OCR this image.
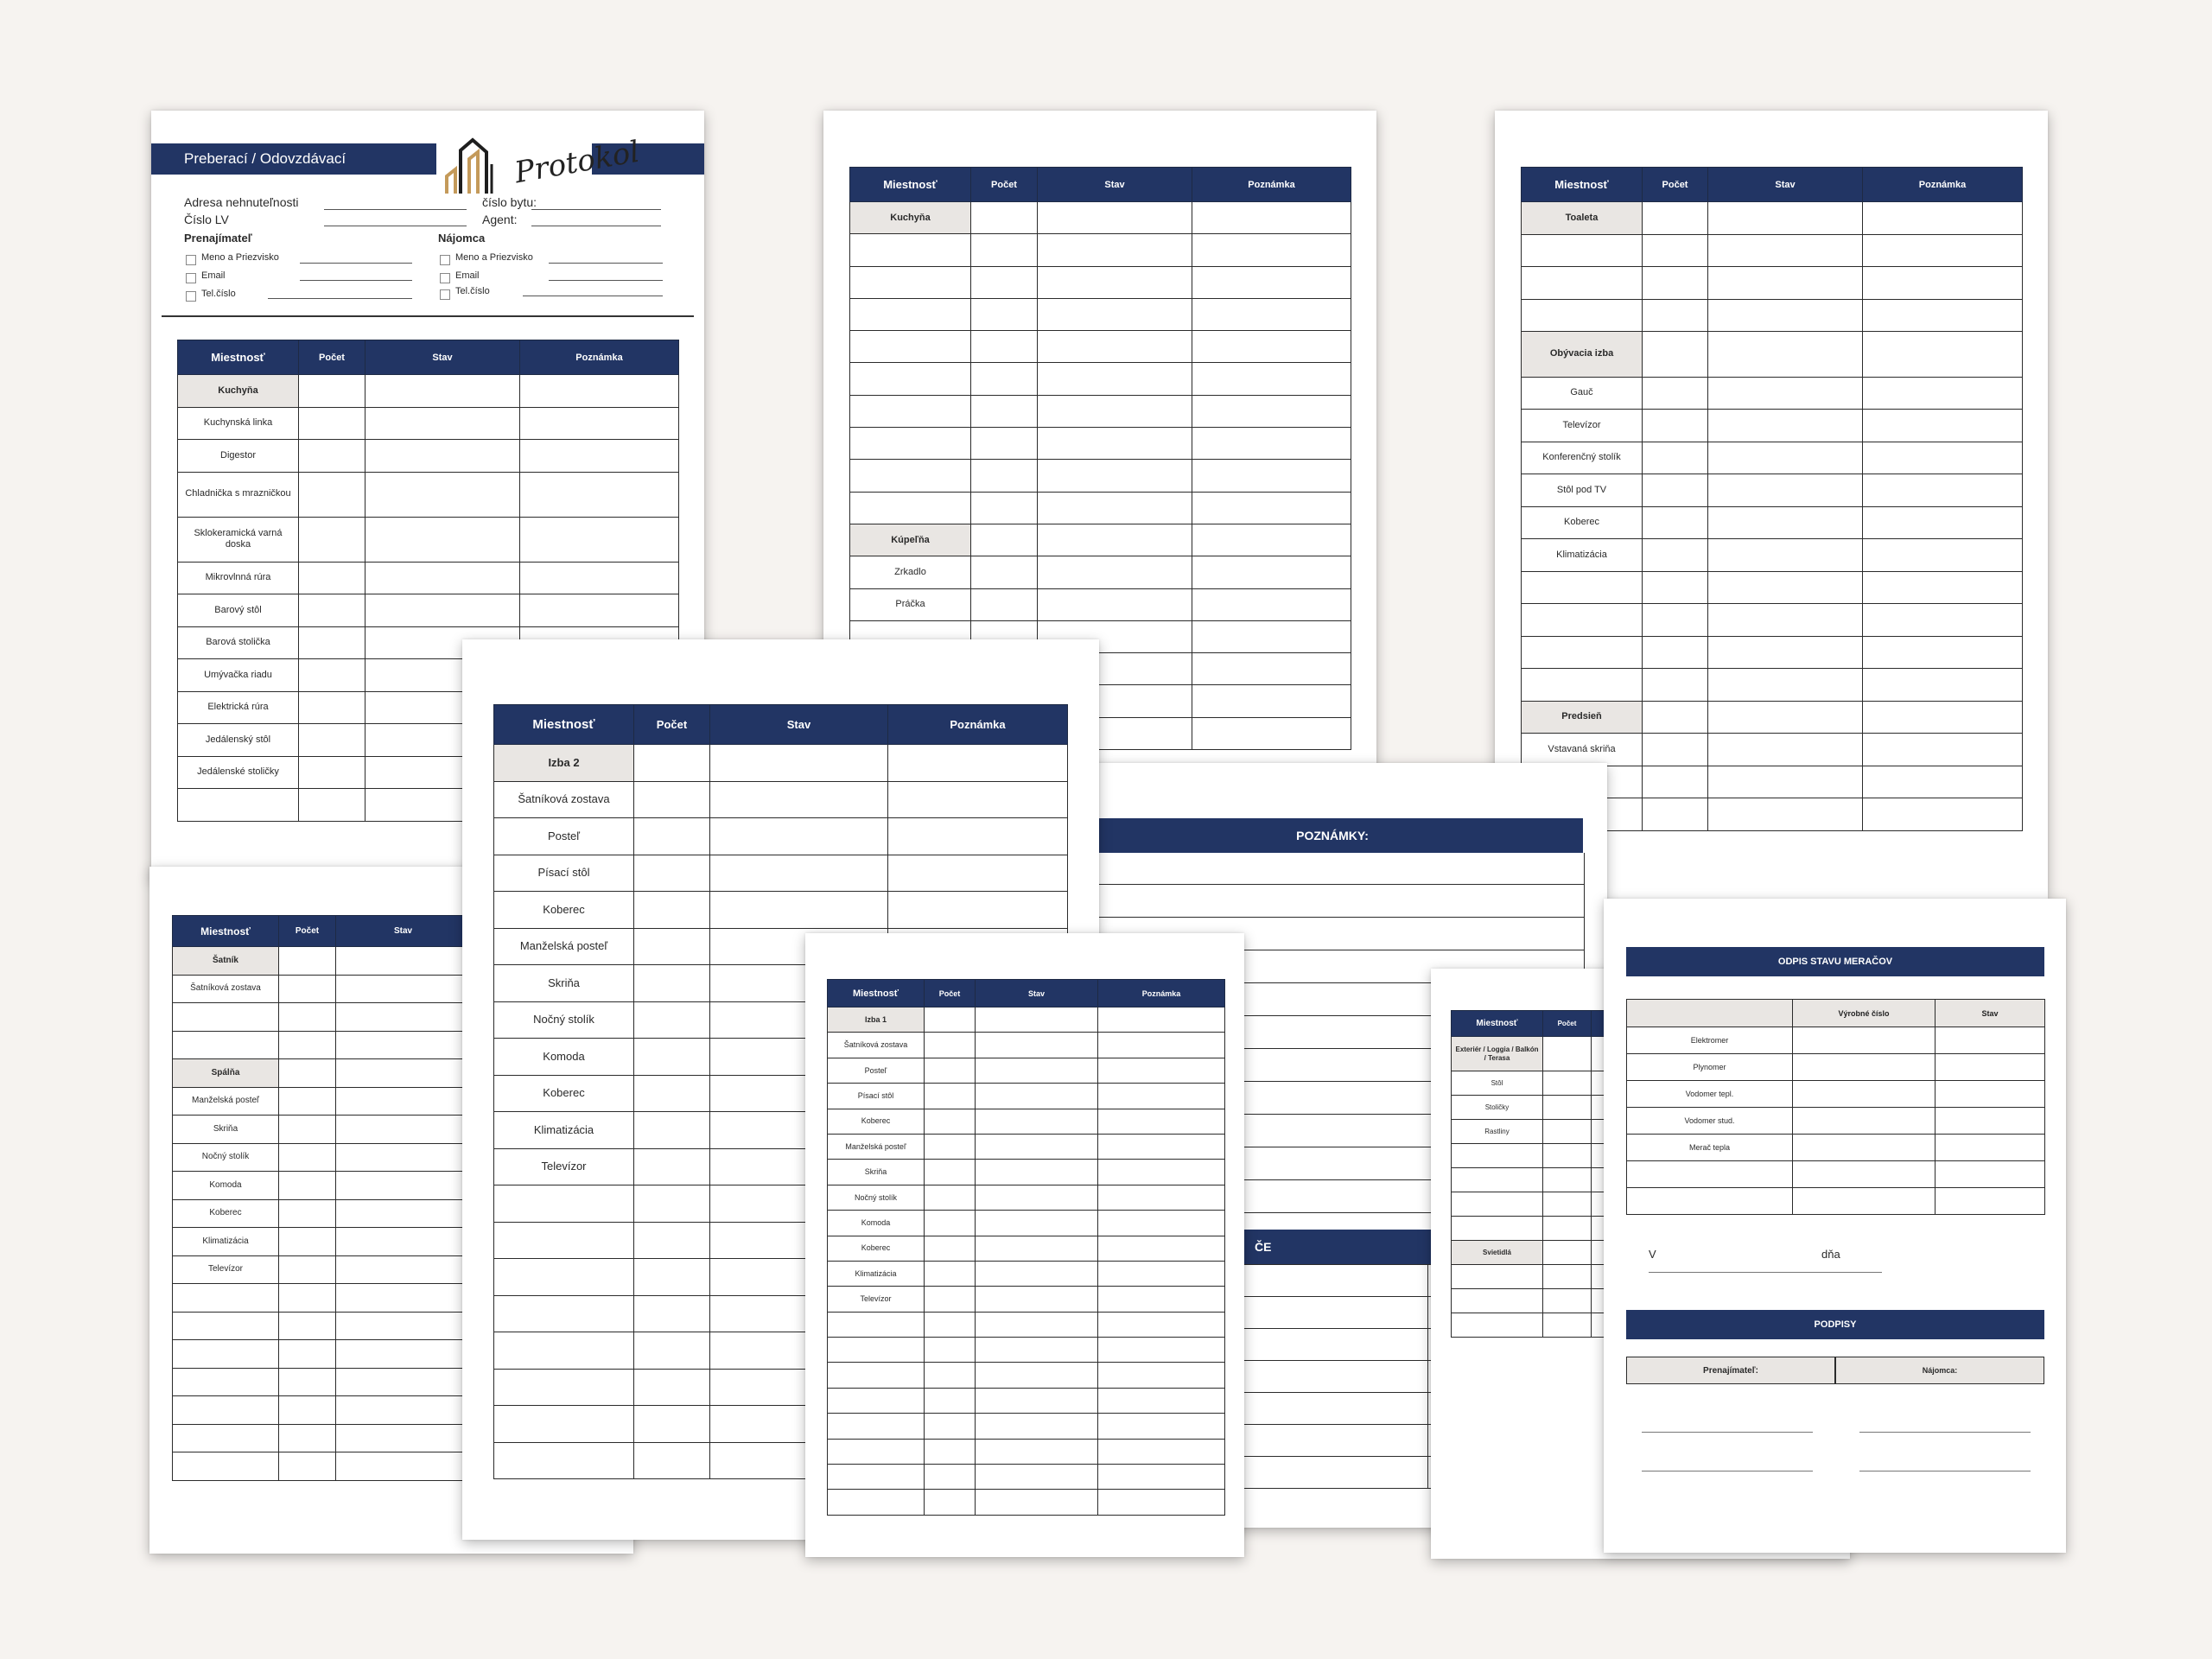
Miestnosť	Počet	Stav	Poznámka
Toaleta			

Obývacia izba			
Gauč			
Televízor			
Konferenčný stolík			
Stôl pod TV			
Koberec			
Klimatizácia			

Predsieň			
Vstavaná skriňa			

Miestnosť	Počet	Stav	Poznámka
Kuchyňa			

Kúpeľňa			
Zrkadlo			
Práčka			

Preberací / Odovzdávací	Protokol
Adresa nehnuteľnosti	číslo bytu:
Číslo LV	Agent:
Prenajímateľ
Meno a Priezvisko
Email
Tel.číslo
Nájomca
Meno a Priezvisko
Email
Tel.číslo
Miestnosť	Počet	Stav	Poznámka
Kuchyňa			
Kuchynská linka			
Digestor			
Chladnička s mrazničkou			
Sklokeramická varná doska			
Mikrovlnná rúra			
Barový stôl			
Barová stolička			
Umývačka riadu			
Elektrická rúra			
Jedálenský stôl			
Jedálenské stoličky			

Miestnosť	Počet	Stav	
Šatník			
Šatníková zostava			

Spálňa			
Manželská posteľ			
Skriňa			
Nočný stolík			
Komoda			
Koberec			
Klimatizácia			
Televízor			

POZNÁMKY:
ČE

Miestnosť	Počet	Stav	Poznámka
Izba 2			
Šatníková zostava			
Posteľ			
Písací stôl			
Koberec			
Manželská posteľ			
Skriňa			
Nočný stolík			
Komoda			
Koberec			
Klimatizácia			
Televízor			

Miestnosť	Počet		
Exteriér / Loggia / Balkón / Terasa			
Stôl			
Stoličky			
Rastliny			

Svietidlá			

Miestnosť	Počet	Stav	Poznámka
Izba 1			
Šatníková zostava			
Posteľ			
Písací stôl			
Koberec			
Manželská posteľ			
Skriňa			
Nočný stolík			
Komoda			
Koberec			
Klimatizácia			
Televízor			

ODPIS STAVU MERAČOV
	Výrobné číslo	Stav
Elektromer		
Plynomer		
Vodomer tepl.		
Vodomer stud.		
Merač tepla		

V	dňa
PODPISY
Prenajímateľ:	Nájomca:
